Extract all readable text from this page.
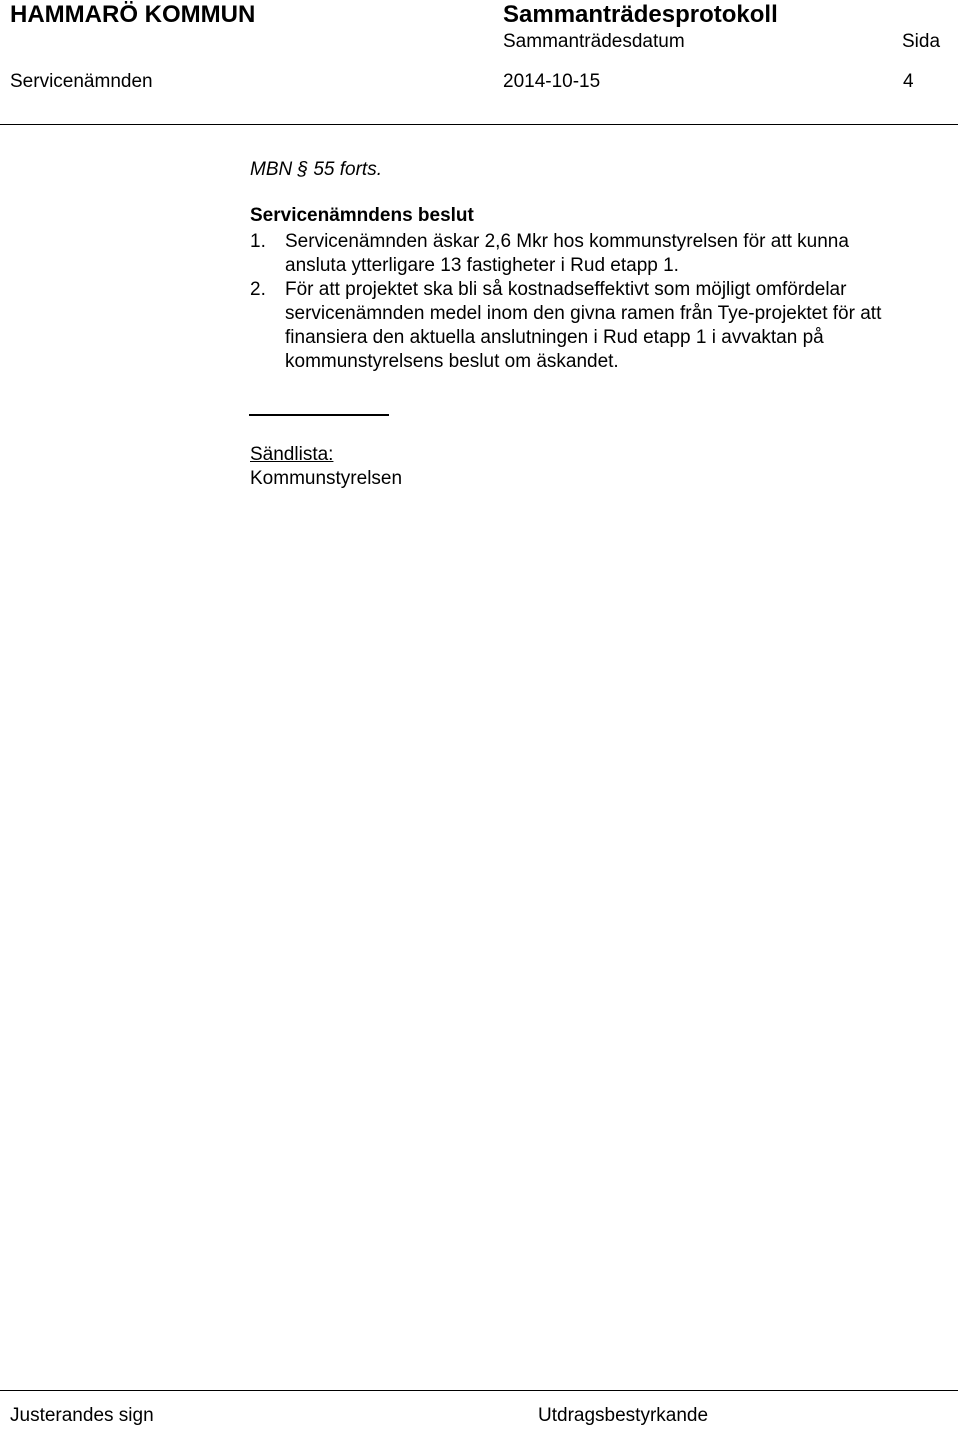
HAMMARÖ KOMMUN	Sammanträdesprotokoll
Sammanträdesdatum	Sida
Servicenämnden	2014-10-15	4
MBN § 55 forts.
Servicenämndens beslut
1. Servicenämnden äskar 2,6 Mkr hos kommunstyrelsen för att kunna ansluta ytterligare 13 fastigheter i Rud etapp 1.
2. För att projektet ska bli så kostnadseffektivt som möjligt omfördelar servicenämnden medel inom den givna ramen från Tye-projektet för att finansiera den aktuella anslutningen i Rud etapp 1 i avvaktan på kommunstyrelsens beslut om äskandet.
Sändlista:
Kommunstyrelsen
Justerandes sign	Utdragsbestyrkande
